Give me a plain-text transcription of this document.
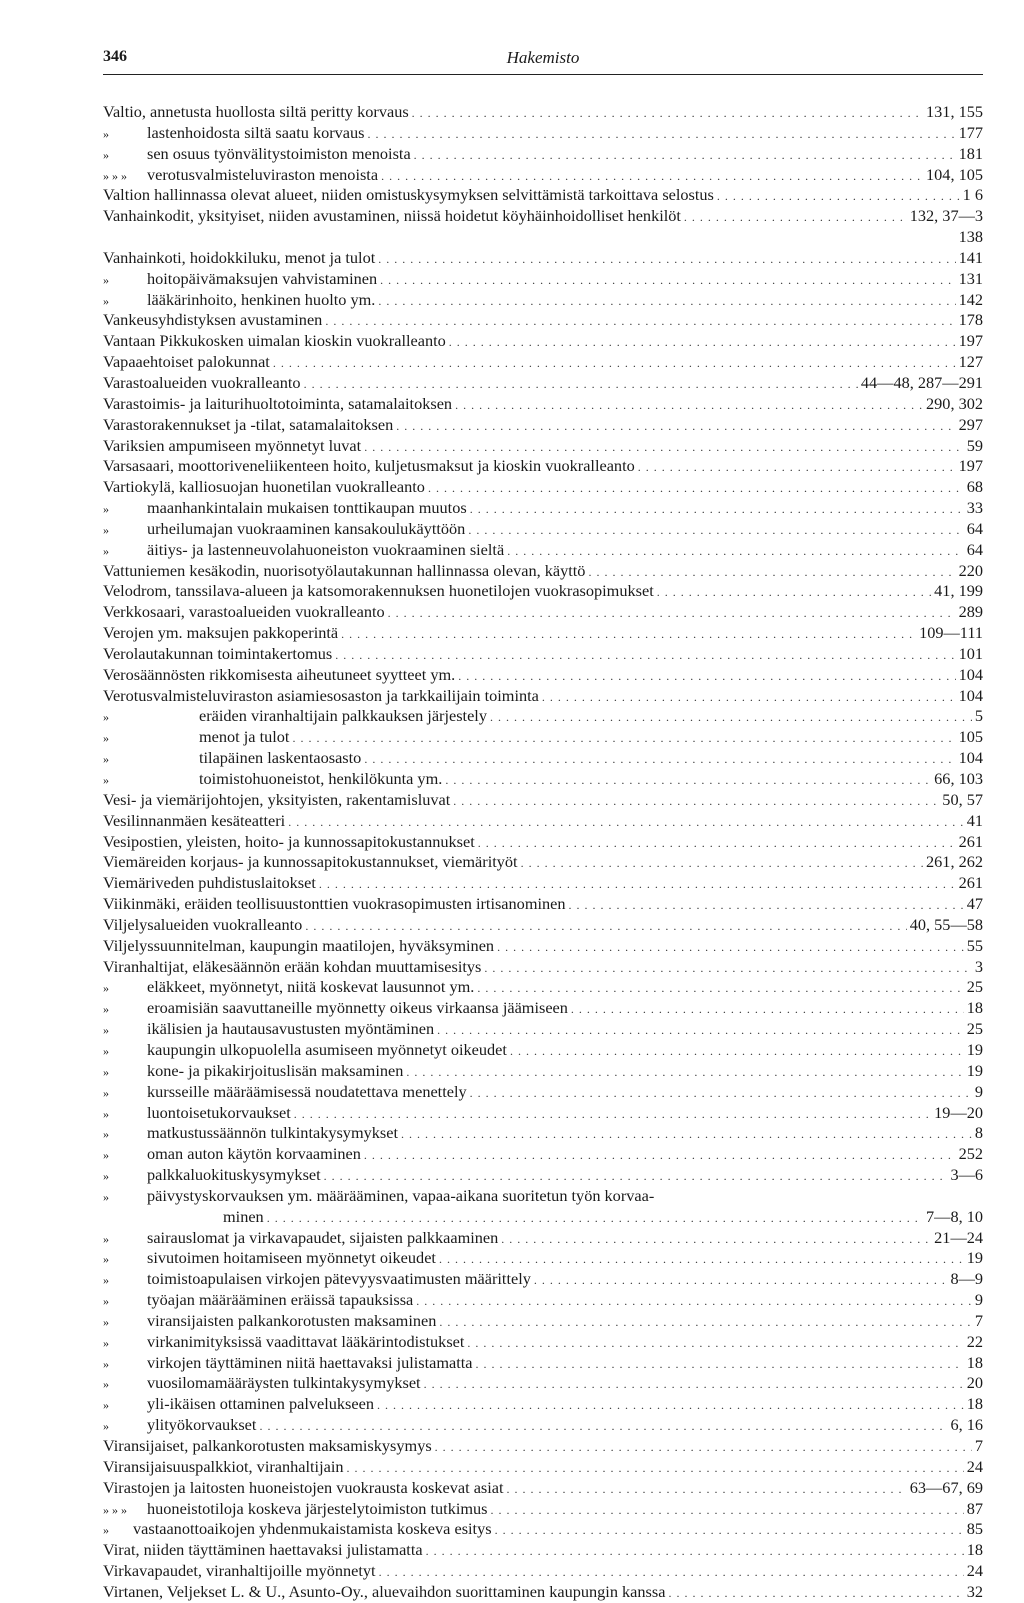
346	Hakemisto
Valtio, annetusta huollosta siltä peritty korvaus . . .	131, 155
»	lastenhoidosta siltä saatu korvaus . . .	177
»	sen osuus työnvälitystoimiston menoista . . .	181
» » »	verotusvalmisteluviraston menoista . . .	104, 105
Valtion hallinnassa olevat alueet, niiden omistuskysymyksen selvittämistä tarkoittava selostus . . .	1 6
Vanhainkodit, yksityiset, niiden avustaminen, niissä hoidetut köyhäinhoidolliset henkilöt . . .	132, 37—3
138
Vanhainkoti, hoidokkiluku, menot ja tulot . . .	141
»	hoitopäivämaksujen vahvistaminen . . .	131
»	lääkärinhoito, henkinen huolto ym. . . .	142
Vankeusyhdistyksen avustaminen . . .	178
Vantaan Pikkukosken uimalan kioskin vuokralleanto . . .	197
Vapaaehtoiset palokunnat . . .	127
Varastoalueiden vuokralleanto . . .	44—48, 287—291
Varastoimis- ja laiturihuoltotoiminta, satamalaitoksen . . .	290, 302
Varastorakennukset ja -tilat, satamalaitoksen . . .	297
Variksien ampumiseen myönnetyt luvat . . .	59
Varsasaari, moottoriveneliikenteen hoito, kuljetusmaksut ja kioskin vuokralleanto . . .	197
Vartiokylä, kalliosuojan huonetilan vuokralleanto . . .	68
»	maanhankintalain mukaisen tonttikaupan muutos . . .	33
»	urheilumajan vuokraaminen kansakoulukäyttöön . . .	64
»	äitiys- ja lastenneuvolahuoneiston vuokraaminen sieltä . . .	64
Vattuniemen kesäkodin, nuorisotyölautakunnan hallinnassa olevan, käyttö . . .	220
Velodrom, tanssilava-alueen ja katsomorakennuksen huonetilojen vuokrasopimukset . . .	41, 199
Verkkosaari, varastoalueiden vuokralleanto . . .	289
Verojen ym. maksujen pakkoperintä . . .	109—111
Verolautakunnan toimintakertomus . . .	101
Verosäännösten rikkomisesta aiheutuneet syytteet ym. . . .	104
Verotusvalmisteluviraston asiamiesosaston ja tarkkailijain toiminta . . .	104
»	eräiden viranhaltijain palkkauksen järjestely . . .	5
»	menot ja tulot . . .	105
»	tilapäinen laskentaosasto . . .	104
»	toimistohuoneistot, henkilökunta ym. . . .	66, 103
Vesi- ja viemärijohtojen, yksityisten, rakentamisluvat . . .	50, 57
Vesilinnanmäen kesäteatteri . . .	41
Vesipostien, yleisten, hoito- ja kunnossapitokustannukset . . .	261
Viemäreiden korjaus- ja kunnossapitokustannukset, viemärityöt . . .	261, 262
Viemäriveden puhdistuslaitokset . . .	261
Viikinmäki, eräiden teollisuustonttien vuokrasopimusten irtisanominen . . .	47
Viljelysalueiden vuokralleanto . . .	40, 55—58
Viljelyssuunnitelman, kaupungin maatilojen, hyväksyminen . . .	55
Viranhaltijat, eläkesäännön erään kohdan muuttamisesitys . . .	3
»	eläkkeet, myönnetyt, niitä koskevat lausunnot ym. . . .	25
»	eroamisiän saavuttaneille myönnetty oikeus virkaansa jäämiseen . . .	18
»	ikälisien ja hautausavustusten myöntäminen . . .	25
»	kaupungin ulkopuolella asumiseen myönnetyt oikeudet . . .	19
»	kone- ja pikakirjoituslisän maksaminen . . .	19
»	kursseille määräämisessä noudatettava menettely . . .	9
»	luontoisetukorvaukset . . .	19—20
»	matkustussäännön tulkintakysymykset . . .	8
»	oman auton käytön korvaaminen . . .	252
»	palkkaluokituskysymykset . . .	3—6
»	päivystyskorvauksen ym. määrääminen, vapaa-aikana suoritetun työn korvaa-
minen . . .	7—8, 10
»	sairauslomat ja virkavapaudet, sijaisten palkkaaminen . . .	21—24
»	sivutoimen hoitamiseen myönnetyt oikeudet . . .	19
»	toimistoapulaisen virkojen pätevyysvaatimusten määrittely . . .	8—9
»	työajan määrääminen eräissä tapauksissa . . .	9
»	viransijaisten palkankorotusten maksaminen . . .	7
»	virkanimityksissä vaadittavat lääkärintodistukset . . .	22
»	virkojen täyttäminen niitä haettavaksi julistamatta . . .	18
»	vuosilomamääräysten tulkintakysymykset . . .	20
»	yli-ikäisen ottaminen palvelukseen . . .	18
»	ylityökorvaukset . . .	6, 16
Viransijaiset, palkankorotusten maksamiskysymys . . .	7
Viransijaisuuspalkkiot, viranhaltijain . . .	24
Virastojen ja laitosten huoneistojen vuokrausta koskevat asiat . . .	63—67, 69
» » »	huoneistotiloja koskeva järjestelytoimiston tutkimus . . .	87
»	vastaanottoaikojen yhdenmukaistamista koskeva esitys . . .	85
Virat, niiden täyttäminen haettavaksi julistamatta . . .	18
Virkavapaudet, viranhaltijoille myönnetyt . . .	24
Virtanen, Veljekset L. & U., Asunto-Oy., aluevaihdon suorittaminen kaupungin kanssa . . .	32
